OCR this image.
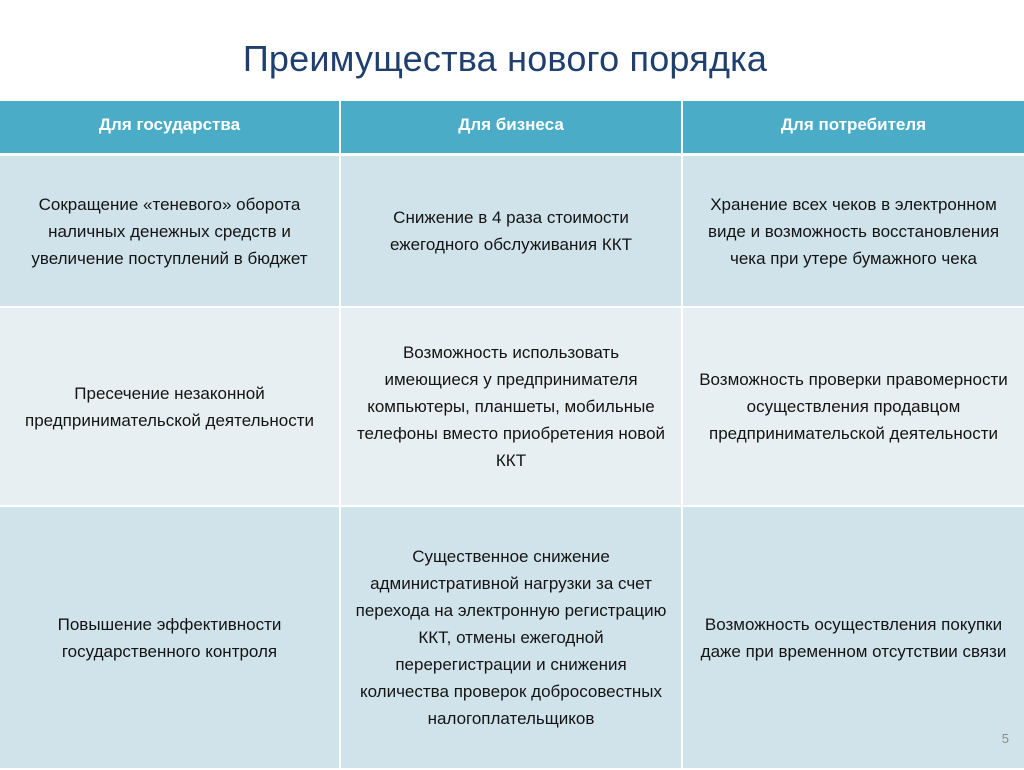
Преимущества нового порядка
Для государства	Для бизнеса	Для потребителя
Сокращение «теневого» оборота наличных денежных средств и увеличение поступлений в бюджет
Снижение в 4 раза стоимости ежегодного обслуживания ККТ
Хранение всех чеков в электронном виде и возможность восстановления чека при утере бумажного чека
Пресечение незаконной предпринимательской деятельности
Возможность использовать имеющиеся у предпринимателя компьютеры, планшеты, мобильные телефоны вместо приобретения новой ККТ
Возможность проверки правомерности осуществления продавцом предпринимательской деятельности
Повышение эффективности государственного контроля
Существенное снижение административной нагрузки за счет перехода на электронную регистрацию ККТ, отмены ежегодной перерегистрации и снижения количества проверок добросовестных налогоплательщиков
Возможность осуществления покупки даже при временном отсутствии связи
5
